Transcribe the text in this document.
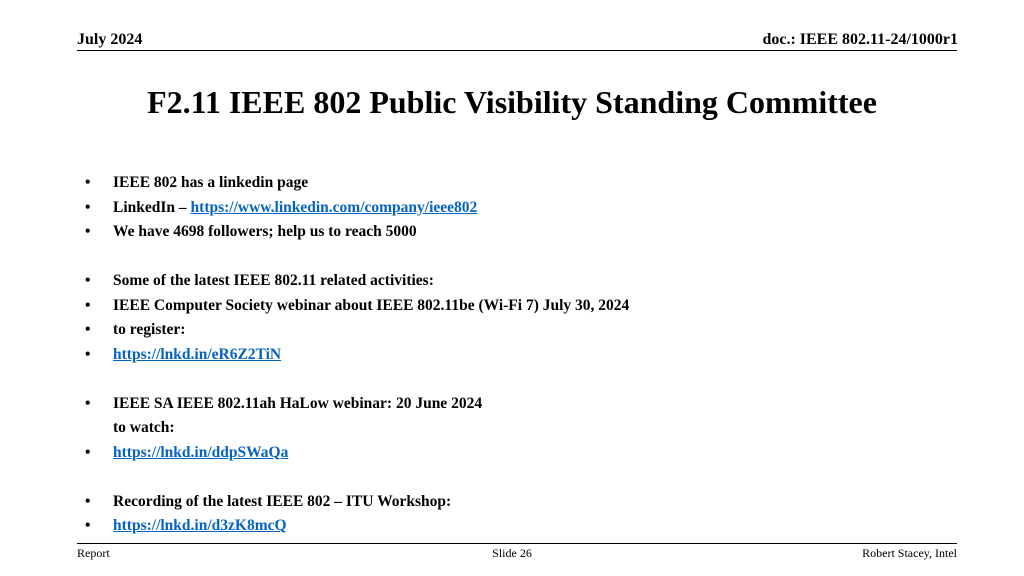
July 2024	doc.: IEEE 802.11-24/1000r1
F2.11 IEEE 802 Public Visibility Standing Committee
• IEEE 802 has a linkedin page
• LinkedIn – https://www.linkedin.com/company/ieee802
• We have 4698 followers; help us to reach 5000
• Some of the latest IEEE 802.11 related activities:
• IEEE Computer Society webinar about IEEE 802.11be (Wi-Fi 7) July 30, 2024
• to register:
• https://lnkd.in/eR6Z2TiN
• IEEE SA IEEE 802.11ah HaLow webinar: 20 June 2024
to watch:
• https://lnkd.in/ddpSWaQa
• Recording of the latest IEEE 802 – ITU Workshop:
• https://lnkd.in/d3zK8mcQ
Report	Slide 26	Robert Stacey, Intel
